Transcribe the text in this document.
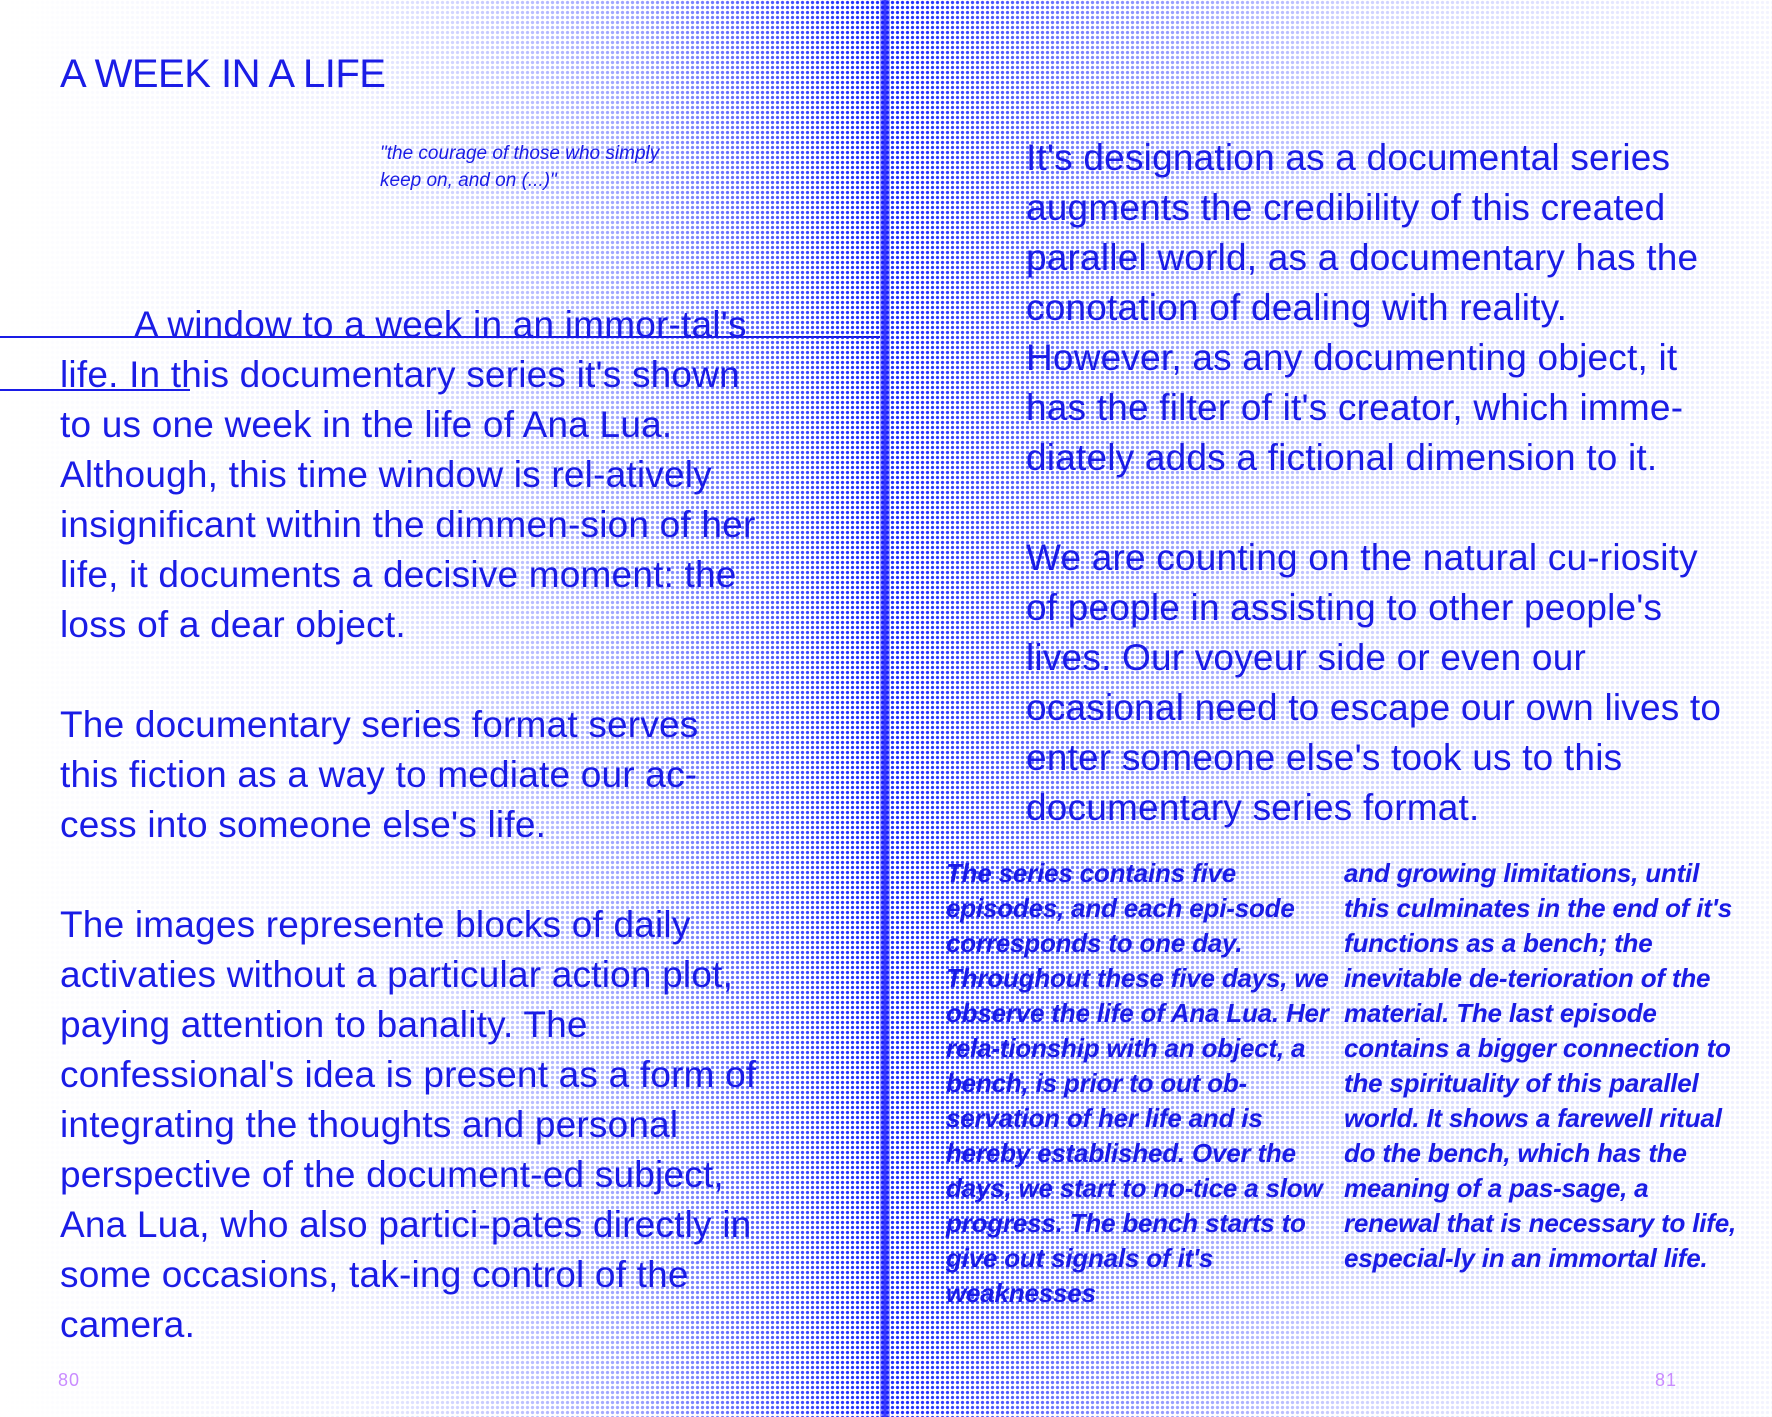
A WEEK IN A LIFE
"the courage of those who simply
keep on, and on (...)"

A window to a week in an immor-tal's life. In this documentary series it's shown to us one week in the life of Ana Lua. Although, this time window is rel-atively insignificant within the dimmen-sion of her life, it documents a decisive moment: the loss of a dear object.

The documentary series format serves this fiction as a way to mediate our ac-cess into someone else's life.

The images represente blocks of daily activaties without a particular action plot, paying attention to banality. The confessional's idea is present as a form of integrating the thoughts and personal perspective of the document-ed subject, Ana Lua, who also partici-pates directly in some occasions, tak-ing control of the camera.

80

It's designation as a documental series augments the credibility of this created parallel world, as a documentary has the conotation of dealing with reality. However, as any documenting object, it has the filter of it's creator, which imme-diately adds a fictional dimension to it.

We are counting on the natural cu-riosity of people in assisting to other people's lives. Our voyeur side or even our ocasional need to escape our own lives to enter someone else's took us to this documentary series format.

The series contains five episodes, and each epi-sode corresponds to one day. Throughout these five days, we observe the life of Ana Lua. Her rela-tionship with an object, a bench, is prior to out ob-servation of her life and is hereby established. Over the days, we start to no-tice a slow progress. The bench starts to give out signals of it's weaknesses
and growing limitations, until this culminates in the end of it's functions as a bench; the inevitable de-terioration of the material. The last episode contains a bigger connection to the spirituality of this parallel world. It shows a farewell ritual do the bench, which has the meaning of a pas-sage, a renewal that is necessary to life, especial-ly in an immortal life.
81
